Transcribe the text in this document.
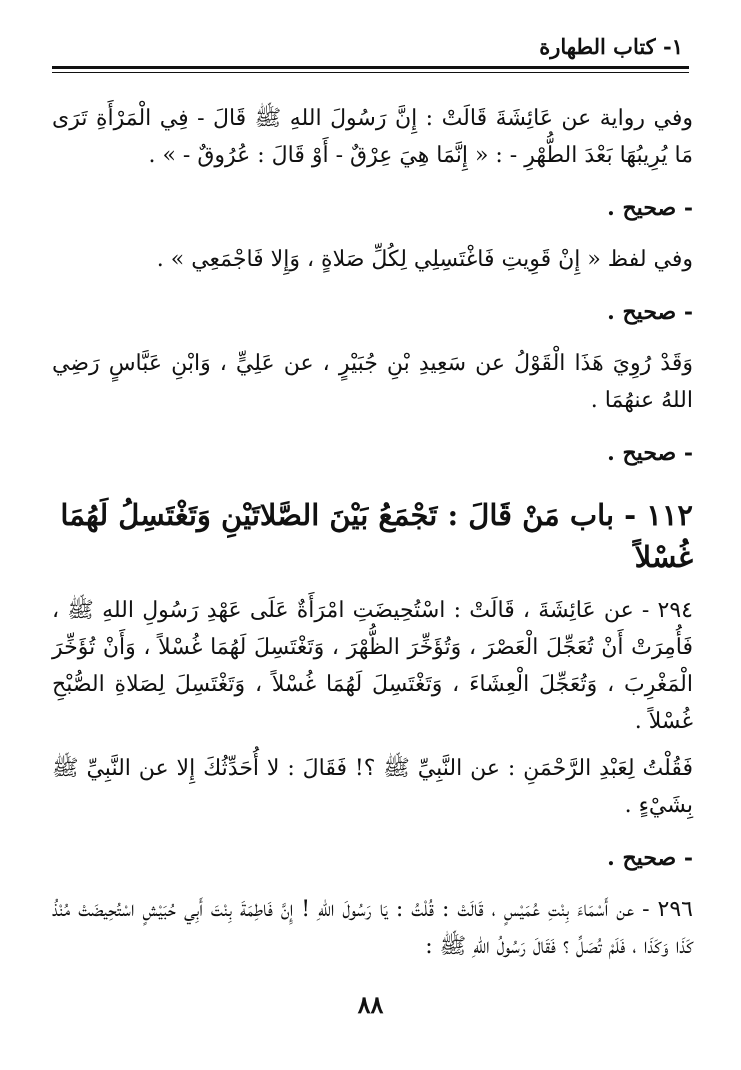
١- كتاب الطهارة

وفي رواية عن عَائِشَةَ قَالَتْ : إِنَّ رَسُولَ اللهِ ﷺ قَالَ - فِي الْمَرْأَةِ تَرَى مَا يُرِيبُهَا بَعْدَ الطُّهْرِ - : « إِنَّمَا هِيَ عِرْقٌ - أَوْ قَالَ : عُرُوقٌ - » .

- صحيح .

وفي لفظ « إِنْ قَوِيتِ فَاغْتَسِلِي لِكُلِّ صَلاةٍ ، وَإِلا فَاجْمَعِي » .

- صحيح .

وَقَدْ رُوِيَ هَذَا الْقَوْلُ عن سَعِيدِ بْنِ جُبَيْرٍ ، عن عَلِيٍّ ، وَابْنِ عَبَّاسٍ رَضِي اللهُ عنهُمَا .

- صحيح .

١١٢ - باب مَنْ قَالَ : تَجْمَعُ بَيْنَ الصَّلاتَيْنِ وَتَغْتَسِلُ لَهُمَا غُسْلاً

٢٩٤ - عن عَائِشَةَ ، قَالَتْ : اسْتُحِيضَتِ امْرَأَةٌ عَلَى عَهْدِ رَسُولِ اللهِ ﷺ ، فَأُمِرَتْ أَنْ تُعَجِّلَ الْعَصْرَ ، وَتُؤَخِّرَ الظُّهْرَ ، وَتَغْتَسِلَ لَهُمَا غُسْلاً ، وَأَنْ تُؤَخِّرَ الْمَغْرِبَ ، وَتُعَجِّلَ الْعِشَاءَ ، وَتَغْتَسِلَ لَهُمَا غُسْلاً ، وَتَغْتَسِلَ لِصَلاةِ الصُّبْحِ غُسْلاً .

فَقُلْتُ لِعَبْدِ الرَّحْمَنِ : عن النَّبِيِّ ﷺ ؟! فَقَالَ : لا أُحَدِّثُكَ إِلا عن النَّبِيِّ ﷺ بِشَيْءٍ .

- صحيح .

٢٩٦ - عن أَسْمَاءَ بِنْتِ عُمَيْسٍ ، قَالَتْ : قُلْتُ : يَا رَسُولَ اللهِ ! إِنَّ فَاطِمَةَ بِنْتَ أَبِي حُبَيْشٍ اسْتُحِيضَتْ مُنْذُ كَذَا وَكَذَا ، فَلَمْ تُصَلِّ ؟ فَقَالَ رَسُولُ اللهِ ﷺ :

٨٨
